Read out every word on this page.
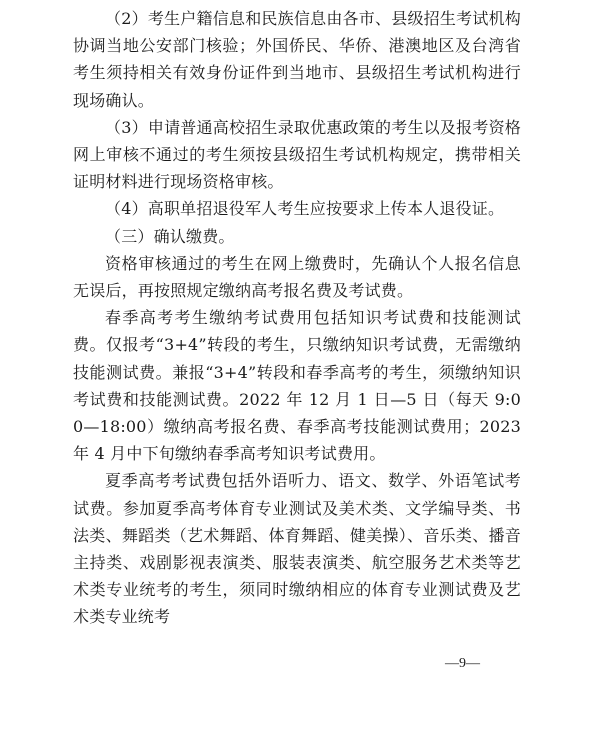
（2）考生户籍信息和民族信息由各市、县级招生考试机构协调当地公安部门核验；外国侨民、华侨、港澳地区及台湾省考生须持相关有效身份证件到当地市、县级招生考试机构进行现场确认。

（3）申请普通高校招生录取优惠政策的考生以及报考资格网上审核不通过的考生须按县级招生考试机构规定，携带相关证明材料进行现场资格审核。

（4）高职单招退役军人考生应按要求上传本人退役证。

（三）确认缴费。

资格审核通过的考生在网上缴费时，先确认个人报名信息无误后，再按照规定缴纳高考报名费及考试费。

春季高考考生缴纳考试费用包括知识考试费和技能测试费。仅报考“3+4”转段的考生，只缴纳知识考试费，无需缴纳技能测试费。兼报“3+4”转段和春季高考的考生，须缴纳知识考试费和技能测试费。2022 年 12 月 1 日—5 日（每天 9:00—18:00）缴纳高考报名费、春季高考技能测试费用；2023 年 4 月中下旬缴纳春季高考知识考试费用。

夏季高考考试费包括外语听力、语文、数学、外语笔试考试费。参加夏季高考体育专业测试及美术类、文学编导类、书法类、舞蹈类（艺术舞蹈、体育舞蹈、健美操）、音乐类、播音主持类、戏剧影视表演类、服装表演类、航空服务艺术类等艺术类专业统考的考生，须同时缴纳相应的体育专业测试费及艺术类专业统考

—9—
